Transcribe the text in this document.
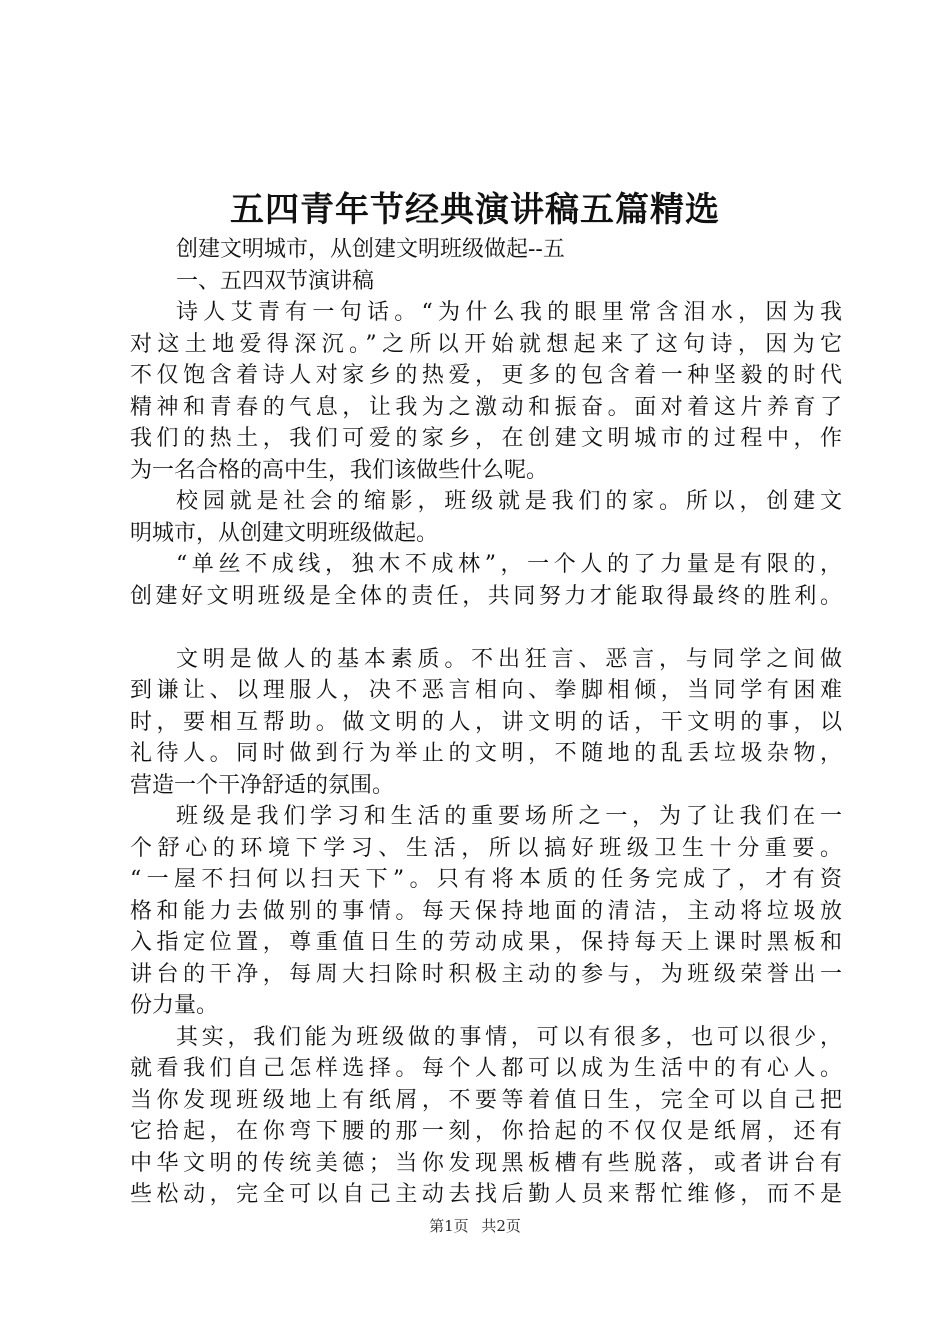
五四青年节经典演讲稿五篇精选
创建文明城市，从创建文明班级做起--五
一、五四双节演讲稿
诗人艾青有一句话。“为什么我的眼里常含泪水，因为我
对这土地爱得深沉。”之所以开始就想起来了这句诗，因为它
不仅饱含着诗人对家乡的热爱，更多的包含着一种坚毅的时代
精神和青春的气息，让我为之激动和振奋。面对着这片养育了
我们的热土，我们可爱的家乡，在创建文明城市的过程中，作
为一名合格的高中生，我们该做些什么呢。
校园就是社会的缩影，班级就是我们的家。所以，创建文
明城市，从创建文明班级做起。
“单丝不成线，独木不成林”，一个人的了力量是有限的，
创建好文明班级是全体的责任，共同努力才能取得最终的胜利。
文明是做人的基本素质。不出狂言、恶言，与同学之间做
到谦让、以理服人，决不恶言相向、拳脚相倾，当同学有困难
时，要相互帮助。做文明的人，讲文明的话，干文明的事，以
礼待人。同时做到行为举止的文明，不随地的乱丢垃圾杂物，
营造一个干净舒适的氛围。
班级是我们学习和生活的重要场所之一，为了让我们在一
个舒心的环境下学习、生活，所以搞好班级卫生十分重要。
“一屋不扫何以扫天下”。只有将本质的任务完成了，才有资
格和能力去做别的事情。每天保持地面的清洁，主动将垃圾放
入指定位置，尊重值日生的劳动成果，保持每天上课时黑板和
讲台的干净，每周大扫除时积极主动的参与，为班级荣誉出一
份力量。
其实，我们能为班级做的事情，可以有很多，也可以很少，
就看我们自己怎样选择。每个人都可以成为生活中的有心人。
当你发现班级地上有纸屑，不要等着值日生，完全可以自己把
它拾起，在你弯下腰的那一刻，你拾起的不仅仅是纸屑，还有
中华文明的传统美德；当你发现黑板槽有些脱落，或者讲台有
些松动，完全可以自己主动去找后勤人员来帮忙维修，而不是
第1页 共2页
